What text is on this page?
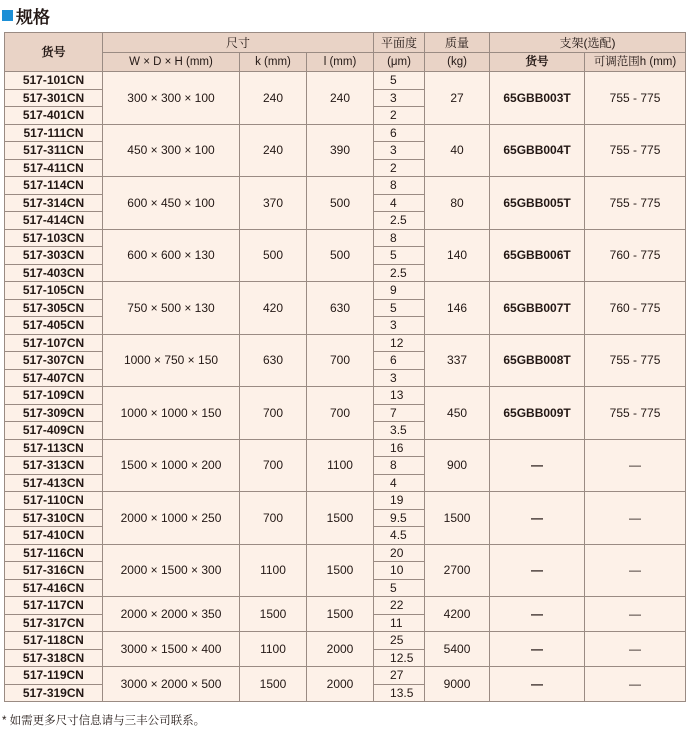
规格
货号	尺寸			平面度	质量	支架(选配)	
	W × D × H (mm)	k (mm)	l (mm)	(μm)	(kg)	货号	可调范围h (mm)
517-101CN	300 × 300 × 100	240	240	5	27	65GBB003T	755 - 775
517-301CN				3			
517-401CN				2			
517-111CN	450 × 300 × 100	240	390	6	40	65GBB004T	755 - 775
517-311CN				3			
517-411CN				2			
517-114CN	600 × 450 × 100	370	500	8	80	65GBB005T	755 - 775
517-314CN				4			
517-414CN				2.5			
517-103CN	600 × 600 × 130	500	500	8	140	65GBB006T	760 - 775
517-303CN				5			
517-403CN				2.5			
517-105CN	750 × 500 × 130	420	630	9	146	65GBB007T	760 - 775
517-305CN				5			
517-405CN				3			
517-107CN	1000 × 750 × 150	630	700	12	337	65GBB008T	755 - 775
517-307CN				6			
517-407CN				3			
517-109CN	1000 × 1000 × 150	700	700	13	450	65GBB009T	755 - 775
517-309CN				7			
517-409CN				3.5			
517-113CN	1500 × 1000 × 200	700	1100	16	900	—	—
517-313CN				8			
517-413CN				4			
517-110CN	2000 × 1000 × 250	700	1500	19	1500	—	—
517-310CN				9.5			
517-410CN				4.5			
517-116CN	2000 × 1500 × 300	1100	1500	20	2700	—	—
517-316CN				10			
517-416CN				5			
517-117CN	2000 × 2000 × 350	1500	1500	22	4200	—	—
517-317CN				11			
517-118CN	3000 × 1500 × 400	1100	2000	25	5400	—	—
517-318CN				12.5			
517-119CN	3000 × 2000 × 500	1500	2000	27	9000	—	—
517-319CN				13.5			
* 如需更多尺寸信息请与三丰公司联系。
